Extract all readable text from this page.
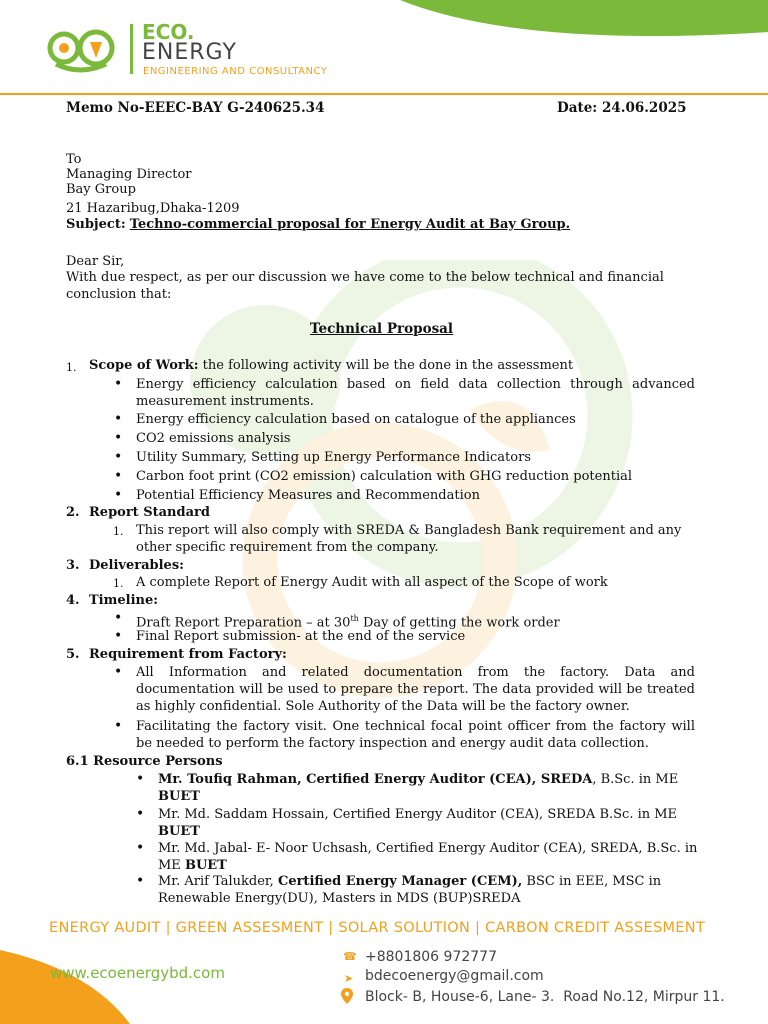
ECO.
ENERGY
ENGINEERING AND CONSULTANCY
Memo No-EEEC-BAY G-240625.34	Date: 24.06.2025
To
Managing Director
Bay Group
21 Hazaribug,Dhaka-1209
Subject: Techno-commercial proposal for Energy Audit at Bay Group.
Dear Sir,
With due respect, as per our discussion we have come to the below technical and financial conclusion that:
Technical Proposal
1. Scope of Work: the following activity will be the done in the assessment
• Energy efficiency calculation based on field data collection through advanced measurement instruments.
• Energy efficiency calculation based on catalogue of the appliances
• CO2 emissions analysis
• Utility Summary, Setting up Energy Performance Indicators
• Carbon foot print (CO2 emission) calculation with GHG reduction potential
• Potential Efficiency Measures and Recommendation
2. Report Standard
1. This report will also comply with SREDA & Bangladesh Bank requirement and any other specific requirement from the company.
3. Deliverables:
1. A complete Report of Energy Audit with all aspect of the Scope of work
4. Timeline:
• Draft Report Preparation – at 30th Day of getting the work order
• Final Report submission- at the end of the service
5. Requirement from Factory:
• All Information and related documentation from the factory. Data and documentation will be used to prepare the report. The data provided will be treated as highly confidential. Sole Authority of the Data will be the factory owner.
• Facilitating the factory visit. One technical focal point officer from the factory will be needed to perform the factory inspection and energy audit data collection.
6.1 Resource Persons
• Mr. Toufiq Rahman, Certified Energy Auditor (CEA), SREDA, B.Sc. in ME
BUET
• Mr. Md. Saddam Hossain, Certified Energy Auditor (CEA), SREDA B.Sc. in ME
BUET
• Mr. Md. Jabal- E- Noor Uchsash, Certified Energy Auditor (CEA), SREDA, B.Sc. in
ME BUET
• Mr. Arif Talukder, Certified Energy Manager (CEM), BSC in EEE, MSC in
Renewable Energy(DU), Masters in MDS (BUP)SREDA
ENERGY AUDIT | GREEN ASSESMENT | SOLAR SOLUTION | CARBON CREDIT ASSESMENT
www.ecoenergybd.com
☎ +8801806 972777
➤ bdecoenergy@gmail.com
Block- B, House-6, Lane- 3.  Road No.12, Mirpur 11.
